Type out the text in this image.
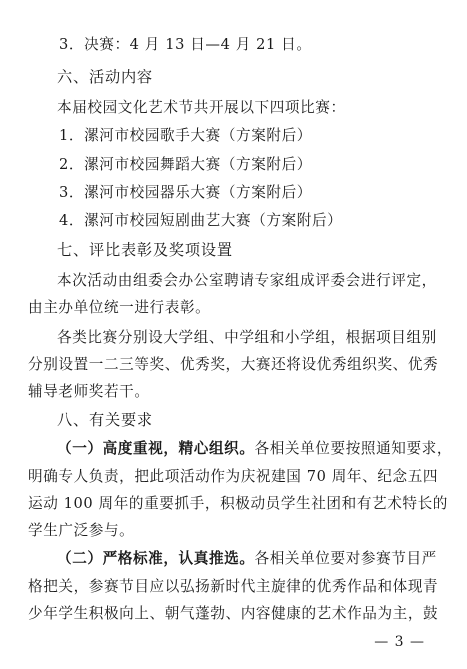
3．决赛：4 月 13 日—4 月 21 日。
六、活动内容
本届校园文化艺术节共开展以下四项比赛：
1．漯河市校园歌手大赛（方案附后）
2．漯河市校园舞蹈大赛（方案附后）
3．漯河市校园器乐大赛（方案附后）
4．漯河市校园短剧曲艺大赛（方案附后）
七、评比表彰及奖项设置
本次活动由组委会办公室聘请专家组成评委会进行评定，
由主办单位统一进行表彰。
各类比赛分别设大学组、中学组和小学组，根据项目组别
分别设置一二三等奖、优秀奖，大赛还将设优秀组织奖、优秀
辅导老师奖若干。
八、有关要求
（一）高度重视，精心组织。各相关单位要按照通知要求，
明确专人负责，把此项活动作为庆祝建国 70 周年、纪念五四
运动 100 周年的重要抓手，积极动员学生社团和有艺术特长的
学生广泛参与。
（二）严格标准，认真推选。各相关单位要对参赛节目严
格把关，参赛节目应以弘扬新时代主旋律的优秀作品和体现青
少年学生积极向上、朝气蓬勃、内容健康的艺术作品为主，鼓
— 3 —
